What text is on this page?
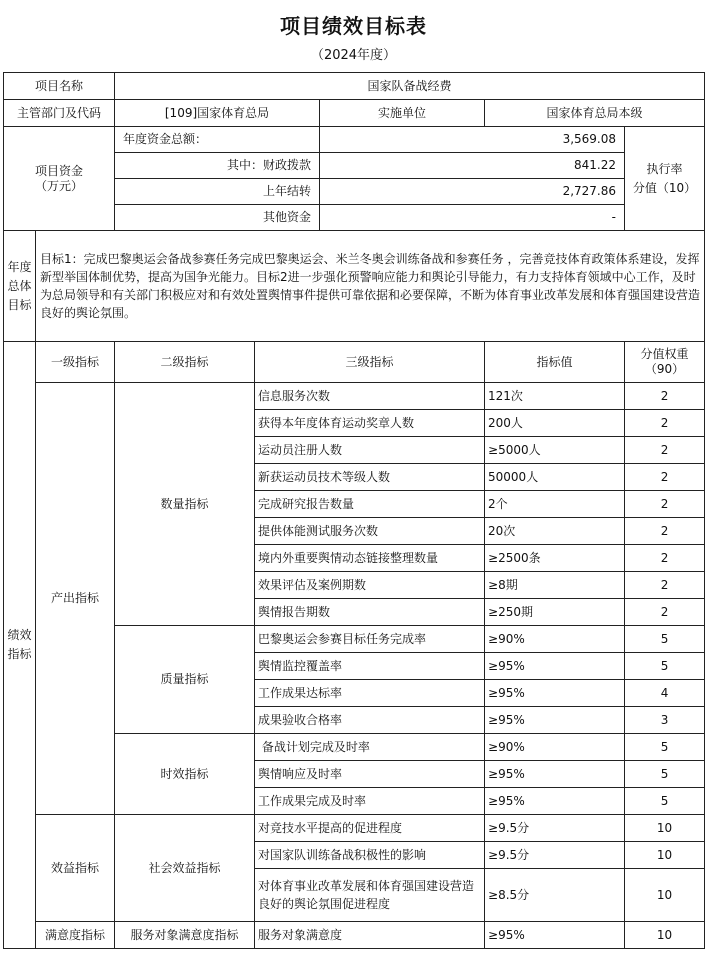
项目绩效目标表
（2024年度）
项目名称		国家队备战经费				
主管部门及代码		[109]国家体育总局		实施单位	国家体育总局本级	
项目资金
（万元）		年度资金总额：		3,569.08		执行率
分值（10）
		其中：财政拨款		841.22		
		上年结转		2,727.86		
		其他资金		-		
年度总体目标	目标1：完成巴黎奥运会备战参赛任务完成巴黎奥运会、米兰冬奥会训练备战和参赛任务 ，完善竞技体育政策体系建设，发挥新型举国体制优势，提高为国争光能力。目标2进一步强化预警响应能力和舆论引导能力，有力支持体育领域中心工作，及时为总局领导和有关部门积极应对和有效处置舆情事件提供可靠依据和必要保障，不断为体育事业改革发展和体育强国建设营造良好的舆论氛围。					
绩效指标	一级指标	二级指标	三级指标		指标值	分值权重
（90）
	产出指标	数量指标	信息服务次数		121次	2
			获得本年度体育运动奖章人数		200人	2
			运动员注册人数		≥5000人	2
			新获运动员技术等级人数		50000人	2
			完成研究报告数量		2个	2
			提供体能测试服务次数		20次	2
			境内外重要舆情动态链接整理数量		≥2500条	2
			效果评估及案例期数		≥8期	2
			舆情报告期数		≥250期	2
		质量指标	巴黎奥运会参赛目标任务完成率		≥90%	5
			舆情监控覆盖率		≥95%	5
			工作成果达标率		≥95%	4
			成果验收合格率		≥95%	3
		时效指标	备战计划完成及时率		≥90%	5
			舆情响应及时率		≥95%	5
			工作成果完成及时率		≥95%	5
	效益指标	社会效益指标	对竞技水平提高的促进程度		≥9.5分	10
			对国家队训练备战积极性的影响		≥9.5分	10
			对体育事业改革发展和体育强国建设营造良好的舆论氛围促进程度		≥8.5分	10
	满意度指标	服务对象满意度指标	服务对象满意度		≥95%	10
